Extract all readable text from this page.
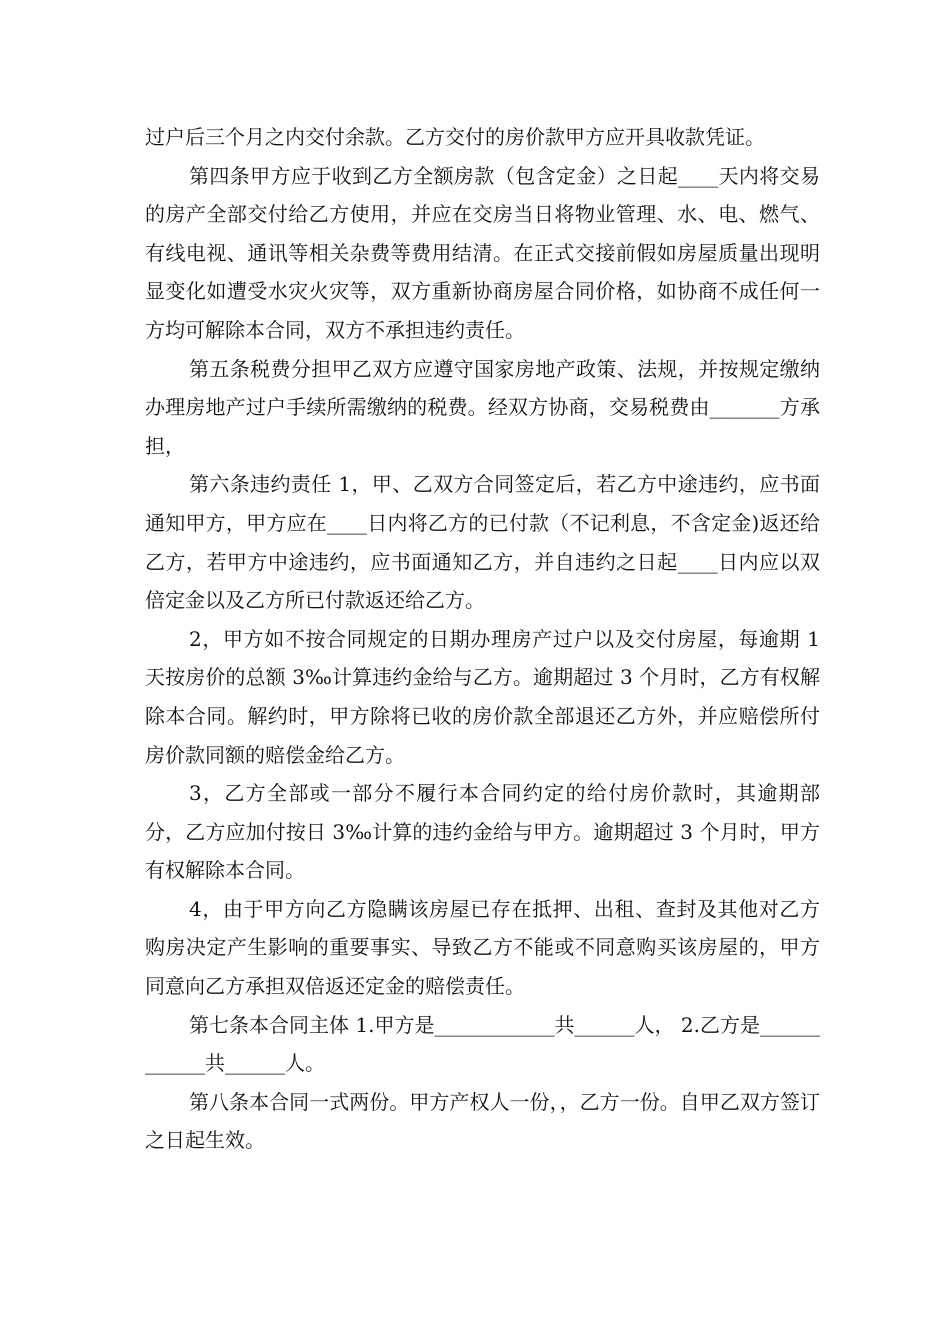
过户后三个月之内交付余款。乙方交付的房价款甲方应开具收款凭证。

第四条甲方应于收到乙方全额房款（包含定金）之日起____天内将交易的房产全部交付给乙方使用，并应在交房当日将物业管理、水、电、燃气、有线电视、通讯等相关杂费等费用结清。在正式交接前假如房屋质量出现明显变化如遭受水灾火灾等，双方重新协商房屋合同价格，如协商不成任何一方均可解除本合同，双方不承担违约责任。

第五条税费分担甲乙双方应遵守国家房地产政策、法规，并按规定缴纳办理房地产过户手续所需缴纳的税费。经双方协商，交易税费由_______方承担，

第六条违约责任 1，甲、乙双方合同签定后，若乙方中途违约，应书面通知甲方，甲方应在____日内将乙方的已付款（不记利息，不含定金)返还给乙方，若甲方中途违约，应书面通知乙方，并自违约之日起____日内应以双倍定金以及乙方所已付款返还给乙方。

2，甲方如不按合同规定的日期办理房产过户以及交付房屋，每逾期 1 天按房价的总额 3‰计算违约金给与乙方。逾期超过 3 个月时，乙方有权解除本合同。解约时，甲方除将已收的房价款全部退还乙方外，并应赔偿所付房价款同额的赔偿金给乙方。

3，乙方全部或一部分不履行本合同约定的给付房价款时，其逾期部分，乙方应加付按日 3‰计算的违约金给与甲方。逾期超过 3 个月时，甲方有权解除本合同。

4，由于甲方向乙方隐瞒该房屋已存在抵押、出租、查封及其他对乙方购房决定产生影响的重要事实、导致乙方不能或不同意购买该房屋的，甲方同意向乙方承担双倍返还定金的赔偿责任。

第七条本合同主体 1.甲方是____________共______人， 2.乙方是____________共______人。

第八条本合同一式两份。甲方产权人一份，，乙方一份。自甲乙双方签订之日起生效。
